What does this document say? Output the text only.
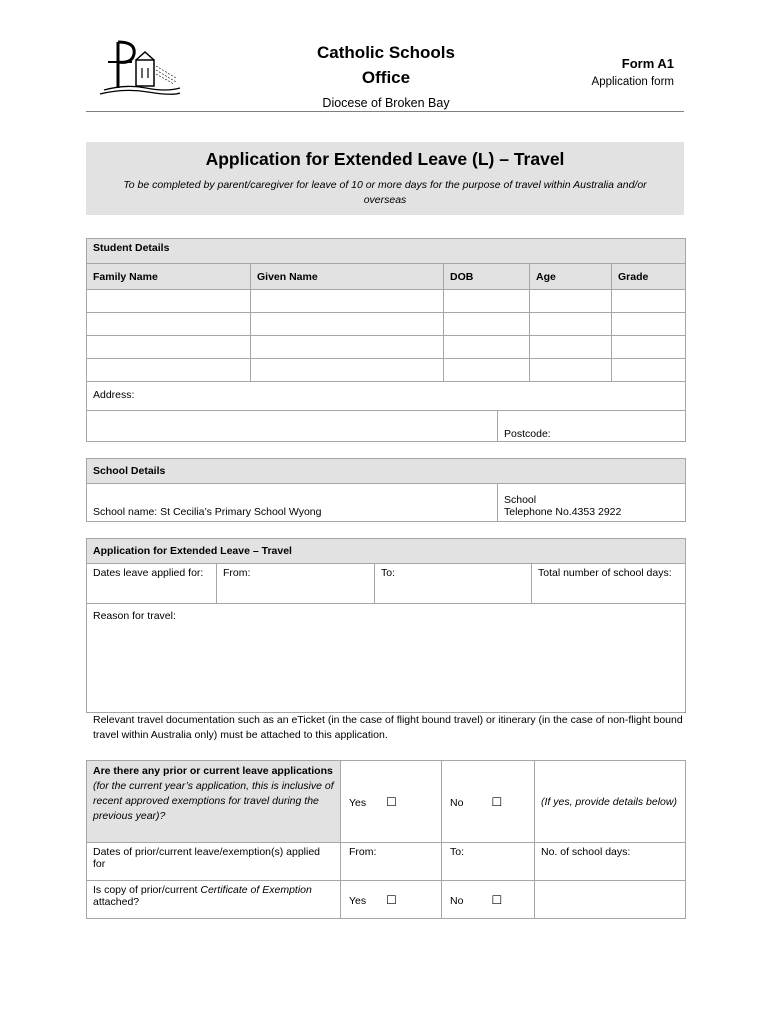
Catholic Schools
Office
Diocese of Broken Bay
Form A1
Application form
Application for Extended Leave (L) – Travel
To be completed by parent/caregiver for leave of 10 or more days for the purpose of travel within Australia and/or overseas
Student Details				
Family Name	Given Name	DOB	Age	Grade

Address:
	Postcode:
School Details
School name: St Cecilia’s Primary School Wyong	
School
Telephone No.4353 2922
Application for Extended Leave – Travel
Dates leave applied for:	From:	To:	Total number of school days:
Reason for travel:
Relevant travel documentation such as an eTicket (in the case of flight bound travel) or itinerary (in the case of non-flight bound travel within Australia only) must be attached to this application.
Are there any prior or current leave applications (for the current year’s application, this is inclusive of recent approved exemptions for travel during the previous year)?	Yes ☐	No ☐	(If yes, provide details below)
Dates of prior/current leave/exemption(s) applied for	From:	To:	No. of school days:
Is copy of prior/current Certificate of Exemption attached?	Yes ☐	No ☐	
